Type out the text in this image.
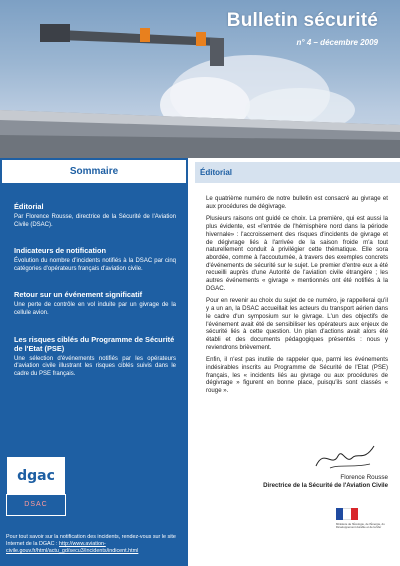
Bulletin sécurité
n° 4 – décembre 2009
Sommaire
Éditorial
Par Florence Rousse, directrice de la Sécurité de l'Aviation Civile (DSAC).
Indicateurs de notification
Évolution du nombre d'incidents notifiés à la DSAC par cinq catégories d'opérateurs français d'aviation civile.
Retour sur un événement significatif
Une perte de contrôle en vol induite par un givrage de la cellule avion.
Les risques ciblés du Programme de Sécurité de l'Etat (PSE)
Une sélection d'événements notifiés par les opérateurs d'aviation civile illustrant les risques ciblés suivis dans le cadre du PSE français.
dgac
DSAC
Pour tout savoir sur la notification des incidents, rendez-vous sur le site Internet de la DGAC : http://www.aviation-civile.gouv.fr/html/actu_gd/secu3/incidents/indicent.html
Éditorial

Le quatrième numéro de notre bulletin est consacré au givrage et aux procédures de dégivrage.

Plusieurs raisons ont guidé ce choix. La première, qui est aussi la plus évidente, est «l'entrée de l'hémisphère nord dans la période hivernale» : l'accroissement des risques d'incidents de givrage et de dégivrage liés à l'arrivée de la saison froide m'a tout naturellement conduit à privilégier cette thématique. Elle sora abordée, comme à l'accoutumée, à travers des exemples concrets d'événements de sécurité sur le sujet. Le premier d'entre eux a été recueilli auprès d'une Autorité de l'aviation civile étrangère ; les autres événements « givrage » mentionnés ont été notifiés à la DGAC.

Pour en revenir au choix du sujet de ce numéro, je rappellerai qu'il y a un an, la DSAC accueillait les acteurs du transport aérien dans le cadre d'un symposium sur le givrage. L'un des objectifs de l'événement avait été de sensibiliser les opérateurs aux enjeux de sécurité liés à cette question. Un plan d'actions avait alors été établi et des documents pédagogiques présentés : nous y reviendrons brièvement.

Enfin, il n'est pas inutile de rappeler que, parmi les événements indésirables inscrits au Programme de Sécurité de l'Etat (PSE) français, les « incidents liés au givrage ou aux procédures de dégivrage » figurent en bonne place, puisqu'ils sont classés « rouge ».

Florence Rousse
Directrice de la Sécurité de l'Aviation Civile
Ministère de l'Écologie, de l'Énergie, du Développement durable et de la Mer
